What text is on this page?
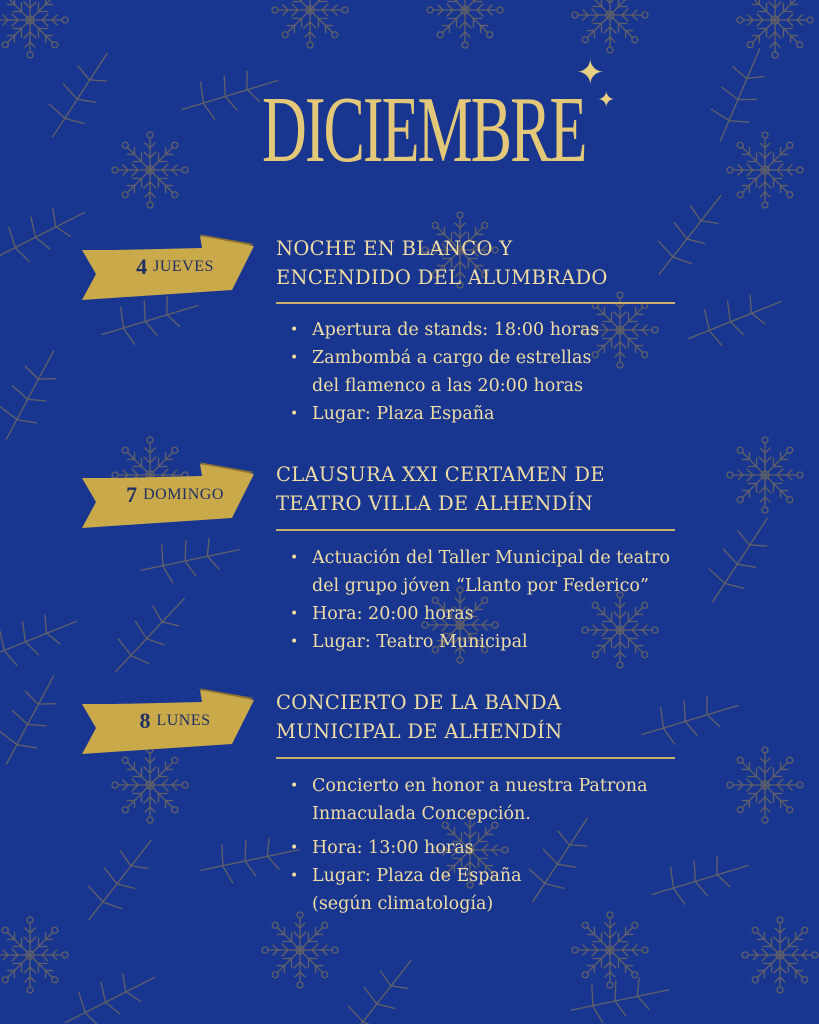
DICIEMBRE
✦
✦
4 JUEVES
NOCHE EN BLANCO Y
ENCENDIDO DEL ALUMBRADO
• Apertura de stands: 18:00 horas
• Zambombá a cargo de estrellas
del flamenco a las 20:00 horas
• Lugar: Plaza España
7 DOMINGO
CLAUSURA XXI CERTAMEN DE
TEATRO VILLA DE ALHENDÍN
• Actuación del Taller Municipal de teatro
del grupo jóven “Llanto por Federico”
• Hora: 20:00 horas
• Lugar: Teatro Municipal
8 LUNES
CONCIERTO DE LA BANDA
MUNICIPAL DE ALHENDÍN
• Concierto en honor a nuestra Patrona
Inmaculada Concepción.
• Hora: 13:00 horas
• Lugar: Plaza de España
(según climatología)
